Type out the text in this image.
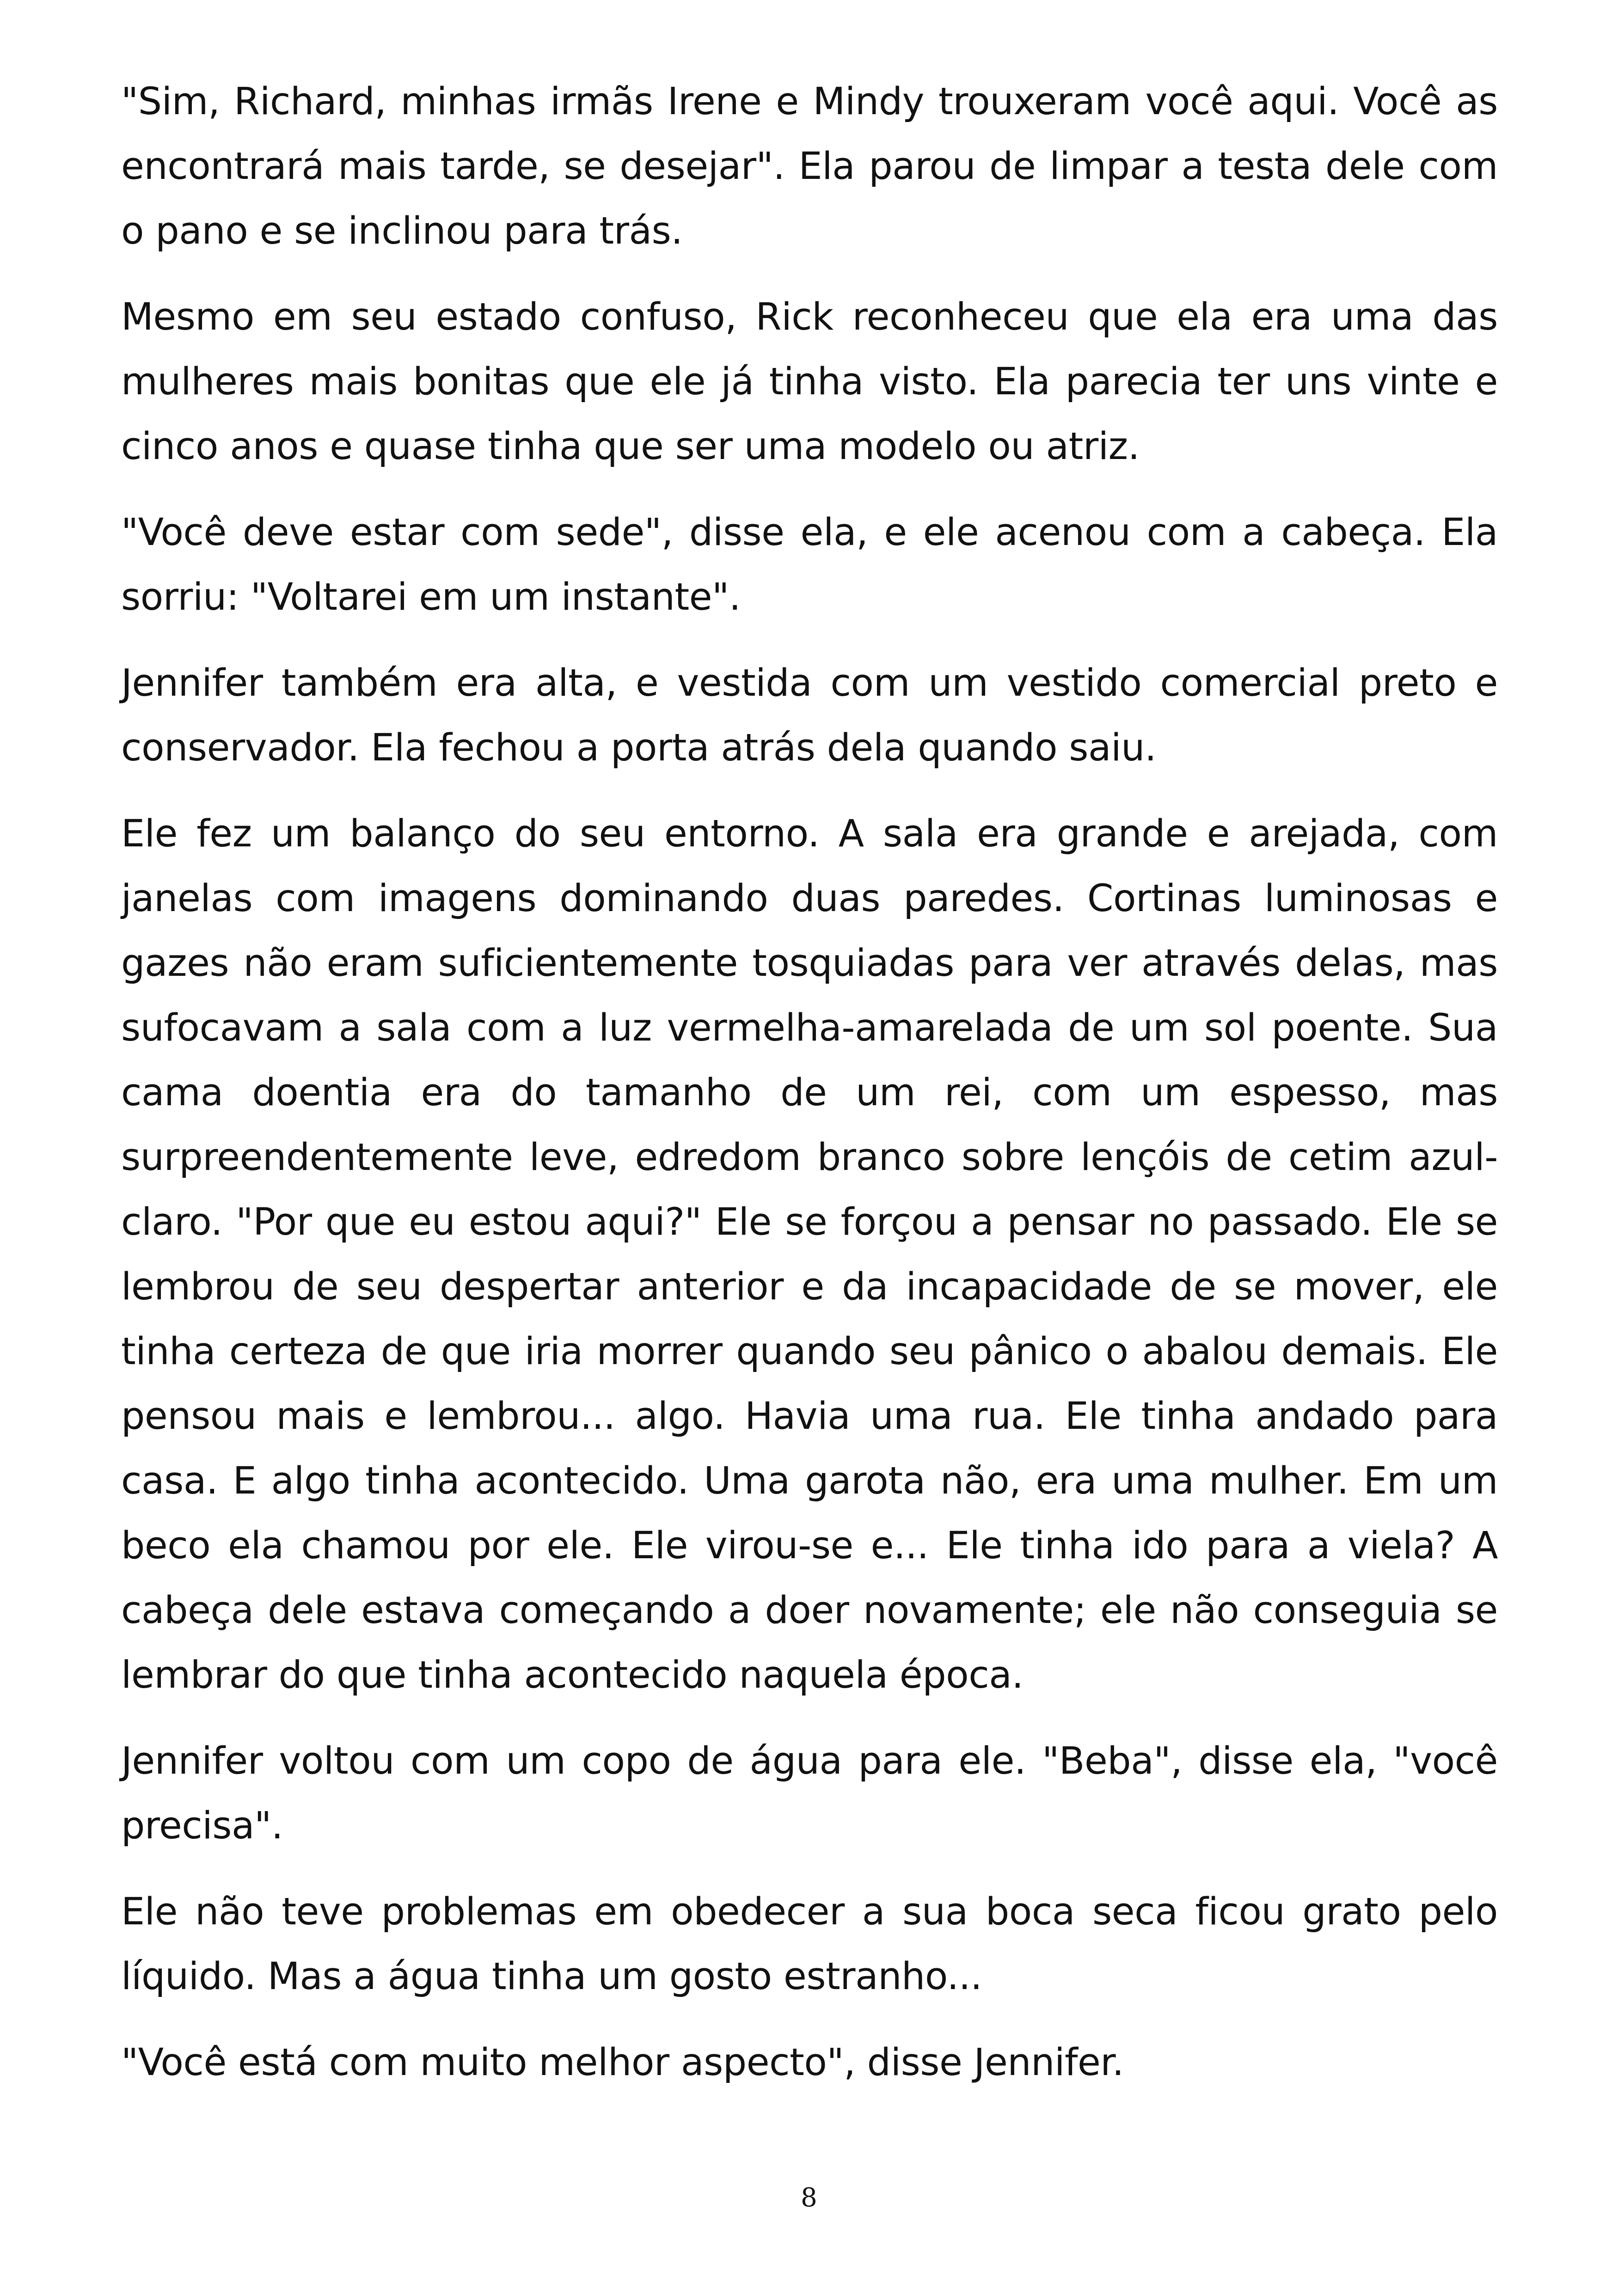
"Sim, Richard, minhas irmãs Irene e Mindy trouxeram você aqui. Você as encontrará mais tarde, se desejar". Ela parou de limpar a testa dele com o pano e se inclinou para trás.

Mesmo em seu estado confuso, Rick reconheceu que ela era uma das mulheres mais bonitas que ele já tinha visto. Ela parecia ter uns vinte e cinco anos e quase tinha que ser uma modelo ou atriz.

"Você deve estar com sede", disse ela, e ele acenou com a cabeça. Ela sorriu: "Voltarei em um instante".

Jennifer também era alta, e vestida com um vestido comercial preto e conservador. Ela fechou a porta atrás dela quando saiu.

Ele fez um balanço do seu entorno. A sala era grande e arejada, com janelas com imagens dominando duas paredes. Cortinas luminosas e gazes não eram suficientemente tosquiadas para ver através delas, mas sufocavam a sala com a luz vermelha-amarelada de um sol poente. Sua cama doentia era do tamanho de um rei, com um espesso, mas surpreendentemente leve, edredom branco sobre lençóis de cetim azul-claro. "Por que eu estou aqui?" Ele se forçou a pensar no passado. Ele se lembrou de seu despertar anterior e da incapacidade de se mover, ele tinha certeza de que iria morrer quando seu pânico o abalou demais. Ele pensou mais e lembrou... algo. Havia uma rua. Ele tinha andado para casa. E algo tinha acontecido. Uma garota não, era uma mulher. Em um beco ela chamou por ele. Ele virou-se e... Ele tinha ido para a viela? A cabeça dele estava começando a doer novamente; ele não conseguia se lembrar do que tinha acontecido naquela época.

Jennifer voltou com um copo de água para ele. "Beba", disse ela, "você precisa".

Ele não teve problemas em obedecer a sua boca seca ficou grato pelo líquido. Mas a água tinha um gosto estranho...

"Você está com muito melhor aspecto", disse Jennifer.

8
